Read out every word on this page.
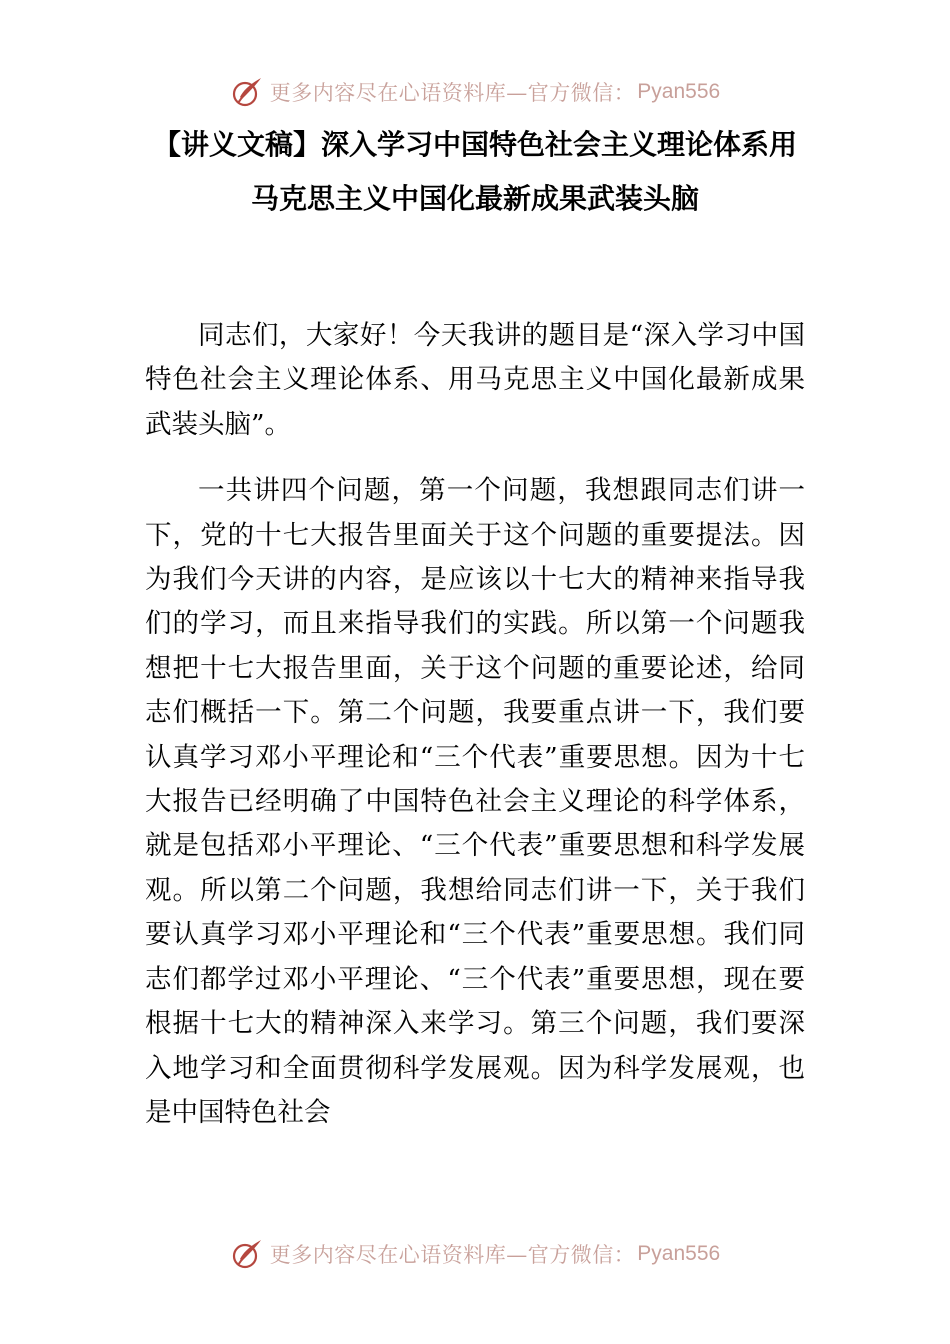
更多内容尽在心语资料库—官方微信： Pyan556
【讲义文稿】深入学习中国特色社会主义理论体系用
马克思主义中国化最新成果武装头脑

同志们，大家好！今天我讲的题目是“深入学习中国特色社会主义理论体系、用马克思主义中国化最新成果武装头脑”。

一共讲四个问题，第一个问题，我想跟同志们讲一下，党的十七大报告里面关于这个问题的重要提法。因为我们今天讲的内容，是应该以十七大的精神来指导我们的学习，而且来指导我们的实践。所以第一个问题我想把十七大报告里面，关于这个问题的重要论述，给同志们概括一下。第二个问题，我要重点讲一下，我们要认真学习邓小平理论和“三个代表”重要思想。因为十七大报告已经明确了中国特色社会主义理论的科学体系，就是包括邓小平理论、“三个代表”重要思想和科学发展观。所以第二个问题，我想给同志们讲一下，关于我们要认真学习邓小平理论和“三个代表”重要思想。我们同志们都学过邓小平理论、“三个代表”重要思想，现在要根据十七大的精神深入来学习。第三个问题，我们要深入地学习和全面贯彻科学发展观。因为科学发展观，也是中国特色社会

更多内容尽在心语资料库—官方微信： Pyan556
